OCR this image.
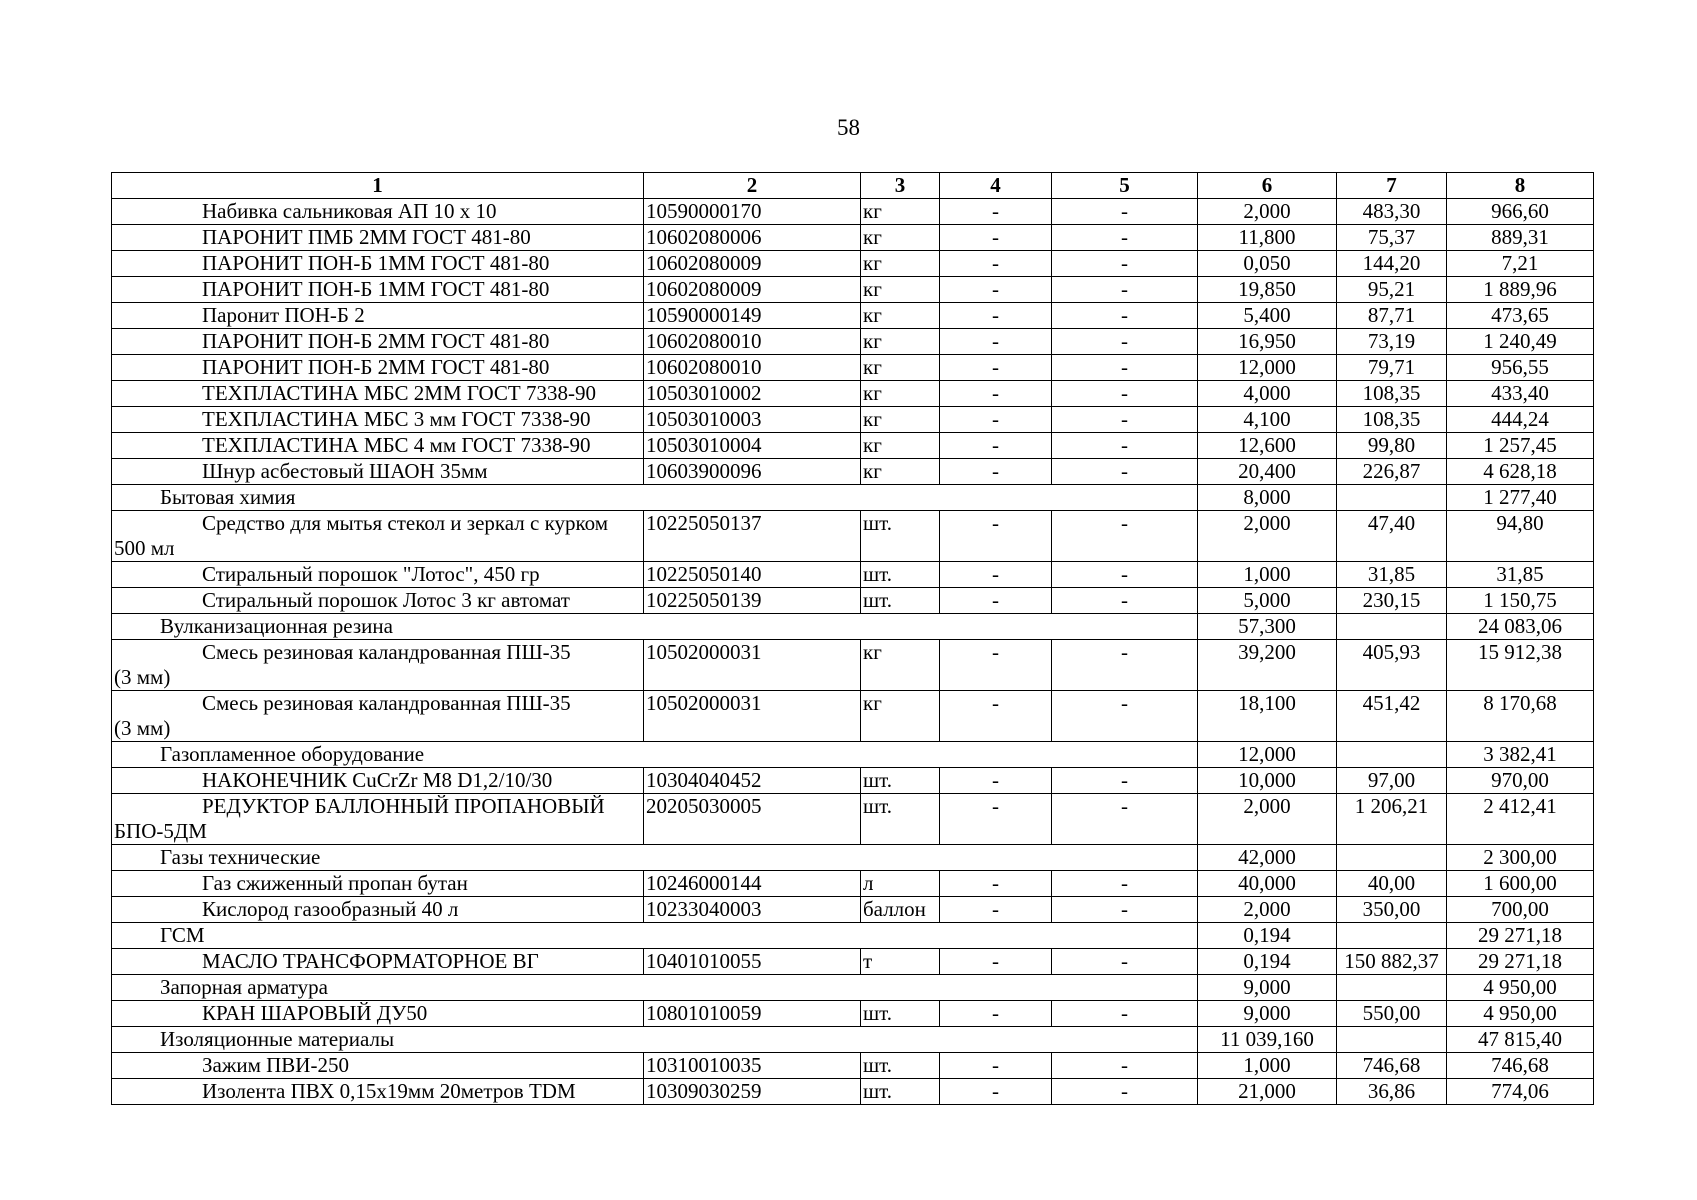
58
1	2	3	4	5	6	7	8

Набивка сальниковая АП 10 х 10	10590000170	кг	-	-	2,000	483,30	966,60

ПАРОНИТ ПМБ 2ММ ГОСТ 481-80	10602080006	кг	-	-	11,800	75,37	889,31

ПАРОНИТ ПОН-Б 1ММ ГОСТ 481-80	10602080009	кг	-	-	0,050	144,20	7,21

ПАРОНИТ ПОН-Б 1ММ ГОСТ 481-80	10602080009	кг	-	-	19,850	95,21	1 889,96

Паронит ПОН-Б 2	10590000149	кг	-	-	5,400	87,71	473,65

ПАРОНИТ ПОН-Б 2ММ ГОСТ 481-80	10602080010	кг	-	-	16,950	73,19	1 240,49

ПАРОНИТ ПОН-Б 2ММ ГОСТ 481-80	10602080010	кг	-	-	12,000	79,71	956,55

ТЕХПЛАСТИНА МБС 2ММ ГОСТ 7338-90	10503010002	кг	-	-	4,000	108,35	433,40

ТЕХПЛАСТИНА МБС 3 мм ГОСТ 7338-90	10503010003	кг	-	-	4,100	108,35	444,24

ТЕХПЛАСТИНА МБС 4 мм ГОСТ 7338-90	10503010004	кг	-	-	12,600	99,80	1 257,45

Шнур асбестовый ШАОН 35мм	10603900096	кг	-	-	20,400	226,87	4 628,18

Бытовая химия					8,000		1 277,40

Средство для мытья стекол и зеркал с курком
500 мл	10225050137	шт.	-	-	2,000	47,40	94,80

Стиральный порошок "Лотос", 450 гр	10225050140	шт.	-	-	1,000	31,85	31,85

Стиральный порошок Лотос 3 кг автомат	10225050139	шт.	-	-	5,000	230,15	1 150,75

Вулканизационная резина					57,300		24 083,06

Смесь резиновая каландрованная ПШ-35
(3 мм)	10502000031	кг	-	-	39,200	405,93	15 912,38

Смесь резиновая каландрованная ПШ-35
(3 мм)	10502000031	кг	-	-	18,100	451,42	8 170,68

Газопламенное оборудование					12,000		3 382,41

НАКОНЕЧНИК CuCrZr M8 D1,2/10/30	10304040452	шт.	-	-	10,000	97,00	970,00

РЕДУКТОР БАЛЛОННЫЙ ПРОПАНОВЫЙ
БПО-5ДМ	20205030005	шт.	-	-	2,000	1 206,21	2 412,41

Газы технические					42,000		2 300,00

Газ сжиженный пропан бутан	10246000144	л	-	-	40,000	40,00	1 600,00

Кислород газообразный 40 л	10233040003	баллон	-	-	2,000	350,00	700,00

ГСМ					0,194		29 271,18

МАСЛО ТРАНСФОРМАТОРНОЕ ВГ	10401010055	т	-	-	0,194	150 882,37	29 271,18

Запорная арматура					9,000		4 950,00

КРАН ШАРОВЫЙ ДУ50	10801010059	шт.	-	-	9,000	550,00	4 950,00

Изоляционные материалы					11 039,160		47 815,40

Зажим ПВИ-250	10310010035	шт.	-	-	1,000	746,68	746,68

Изолента ПВХ 0,15х19мм 20метров TDM	10309030259	шт.	-	-	21,000	36,86	774,06
